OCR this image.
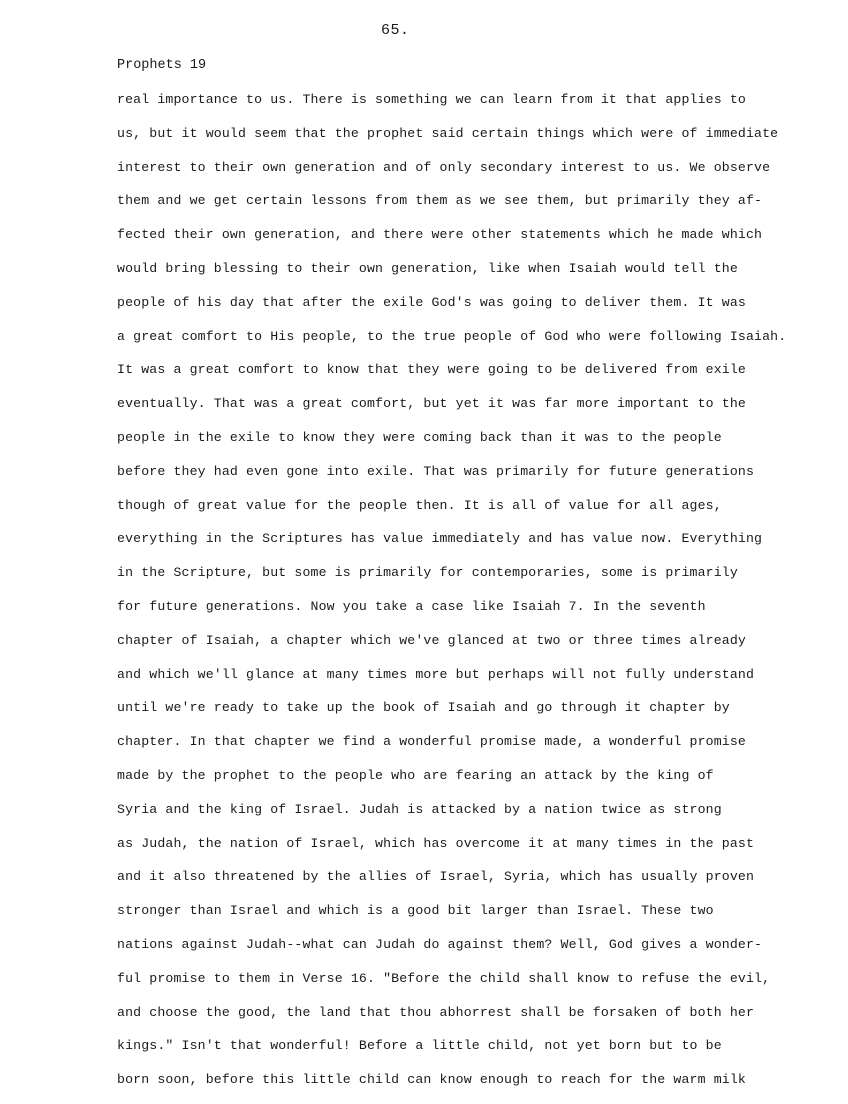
65.
Prophets 19
real importance to us. There is something we can learn from it that applies to
us, but it would seem that the prophet said certain things which were of immediate
interest to their own generation and of only secondary interest to us. We observe
them and we get certain lessons from them as we see them, but primarily they af-
fected their own generation, and there were other statements which he made which
would bring blessing to their own generation, like when Isaiah would tell the
people of his day that after the exile God's was going to deliver them. It was
a great comfort to His people, to the true people of God who were following Isaiah.
It was a great comfort to know that they were going to be delivered from exile
eventually. That was a great comfort, but yet it was far more important to the
people in the exile to know they were coming back than it was to the people
before they had even gone into exile. That was primarily for future generations
though of great value for the people then. It is all of value for all ages,
everything in the Scriptures has value immediately and has value now. Everything
in the Scripture, but some is primarily for contemporaries, some is primarily
for future generations. Now you take a case like Isaiah 7. In the seventh
chapter of Isaiah, a chapter which we've glanced at two or three times already
and which we'll glance at many times more but perhaps will not fully understand
until we're ready to take up the book of Isaiah and go through it chapter by
chapter. In that chapter we find a wonderful promise made, a wonderful promise
made by the prophet to the people who are fearing an attack by the king of
Syria and the king of Israel. Judah is attacked by a nation twice as strong
as Judah, the nation of Israel, which has overcome it at many times in the past
and it also threatened by the allies of Israel, Syria, which has usually proven
stronger than Israel and which is a good bit larger than Israel. These two
nations against Judah--what can Judah do against them? Well, God gives a wonder-
ful promise to them in Verse 16. "Before the child shall know to refuse the evil,
and choose the good, the land that thou abhorrest shall be forsaken of both her
kings." Isn't that wonderful! Before a little child, not yet born but to be
born soon, before this little child can know enough to reach for the warm milk
